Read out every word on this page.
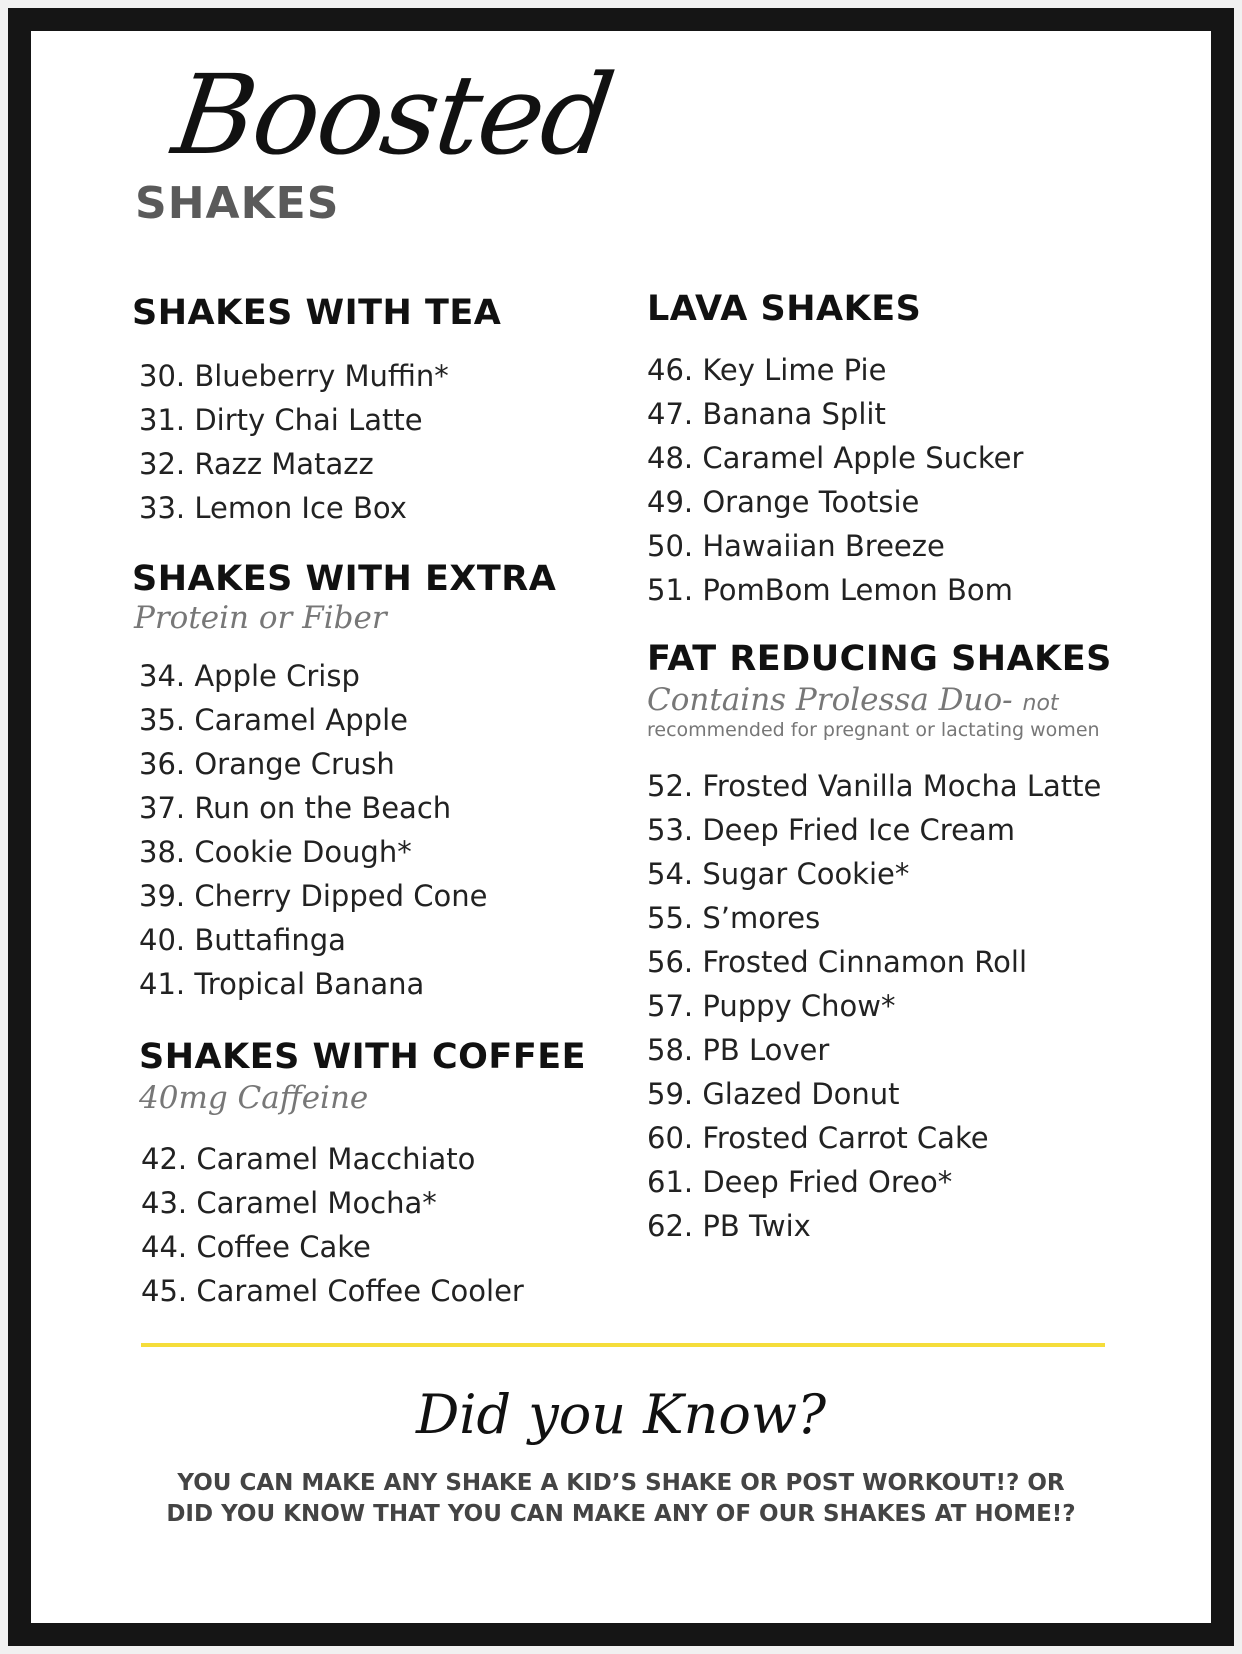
Boosted
SHAKES
SHAKES WITH TEA
30. Blueberry Muffin*
31. Dirty Chai Latte
32. Razz Matazz
33. Lemon Ice Box
SHAKES WITH EXTRA
Protein or Fiber
34. Apple Crisp
35. Caramel Apple
36. Orange Crush
37. Run on the Beach
38. Cookie Dough*
39. Cherry Dipped Cone
40. Buttafinga
41. Tropical Banana
SHAKES WITH COFFEE
40mg Caffeine
42. Caramel Macchiato
43. Caramel Mocha*
44. Coffee Cake
45. Caramel Coffee Cooler
LAVA SHAKES
46. Key Lime Pie
47. Banana Split
48. Caramel Apple Sucker
49. Orange Tootsie
50. Hawaiian Breeze
51. PomBom Lemon Bom
FAT REDUCING SHAKES
Contains Prolessa Duo- not
recommended for pregnant or lactating women
52. Frosted Vanilla Mocha Latte
53. Deep Fried Ice Cream
54. Sugar Cookie*
55. S’mores
56. Frosted Cinnamon Roll
57. Puppy Chow*
58. PB Lover
59. Glazed Donut
60. Frosted Carrot Cake
61. Deep Fried Oreo*
62. PB Twix
Did you Know?
YOU CAN MAKE ANY SHAKE A KID’S SHAKE OR POST WORKOUT!? OR
DID YOU KNOW THAT YOU CAN MAKE ANY OF OUR SHAKES AT HOME!?
